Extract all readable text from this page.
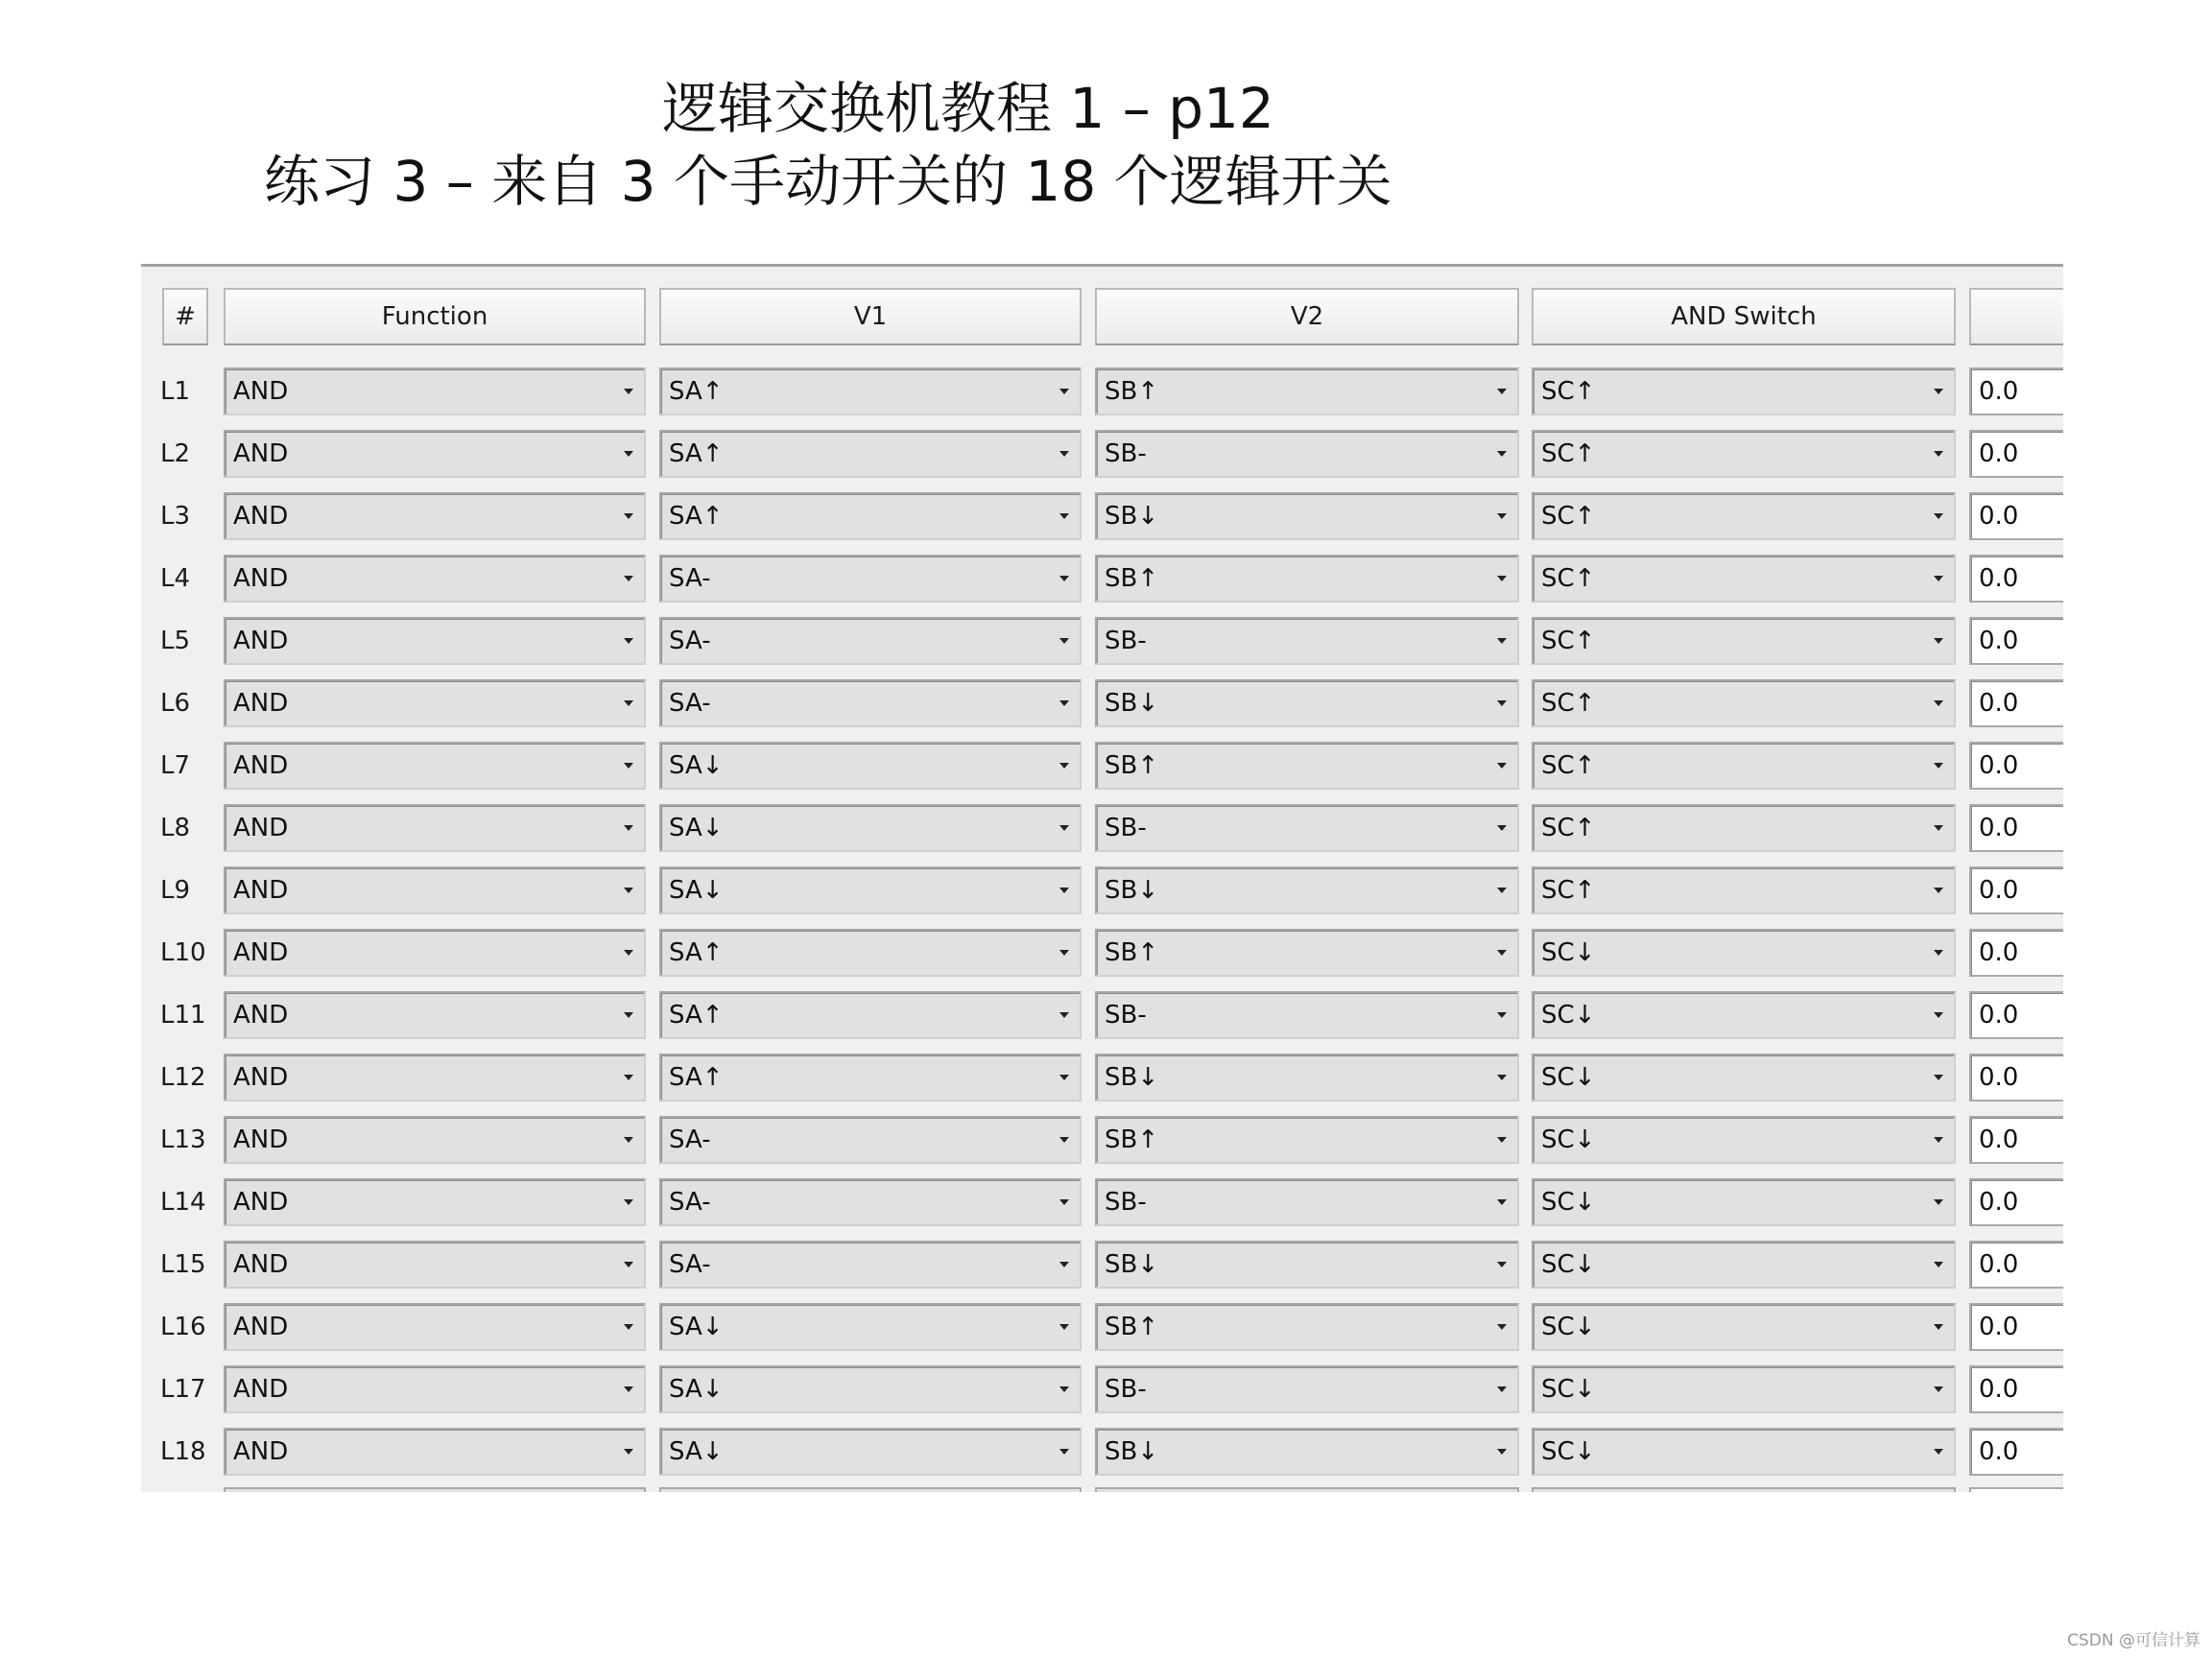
逻辑交换机教程 1 – p12
练习 3 – 来自 3 个手动开关的 18 个逻辑开关
#	Function	V1	V2	AND Switch
L1	AND	SA↑	SB↑	SC↑	0.0
L2	AND	SA↑	SB-	SC↑	0.0
L3	AND	SA↑	SB↓	SC↑	0.0
L4	AND	SA-	SB↑	SC↑	0.0
L5	AND	SA-	SB-	SC↑	0.0
L6	AND	SA-	SB↓	SC↑	0.0
L7	AND	SA↓	SB↑	SC↑	0.0
L8	AND	SA↓	SB-	SC↑	0.0
L9	AND	SA↓	SB↓	SC↑	0.0
L10	AND	SA↑	SB↑	SC↓	0.0
L11	AND	SA↑	SB-	SC↓	0.0
L12	AND	SA↑	SB↓	SC↓	0.0
L13	AND	SA-	SB↑	SC↓	0.0
L14	AND	SA-	SB-	SC↓	0.0
L15	AND	SA-	SB↓	SC↓	0.0
L16	AND	SA↓	SB↑	SC↓	0.0
L17	AND	SA↓	SB-	SC↓	0.0
L18	AND	SA↓	SB↓	SC↓	0.0
CSDN @可信计算
